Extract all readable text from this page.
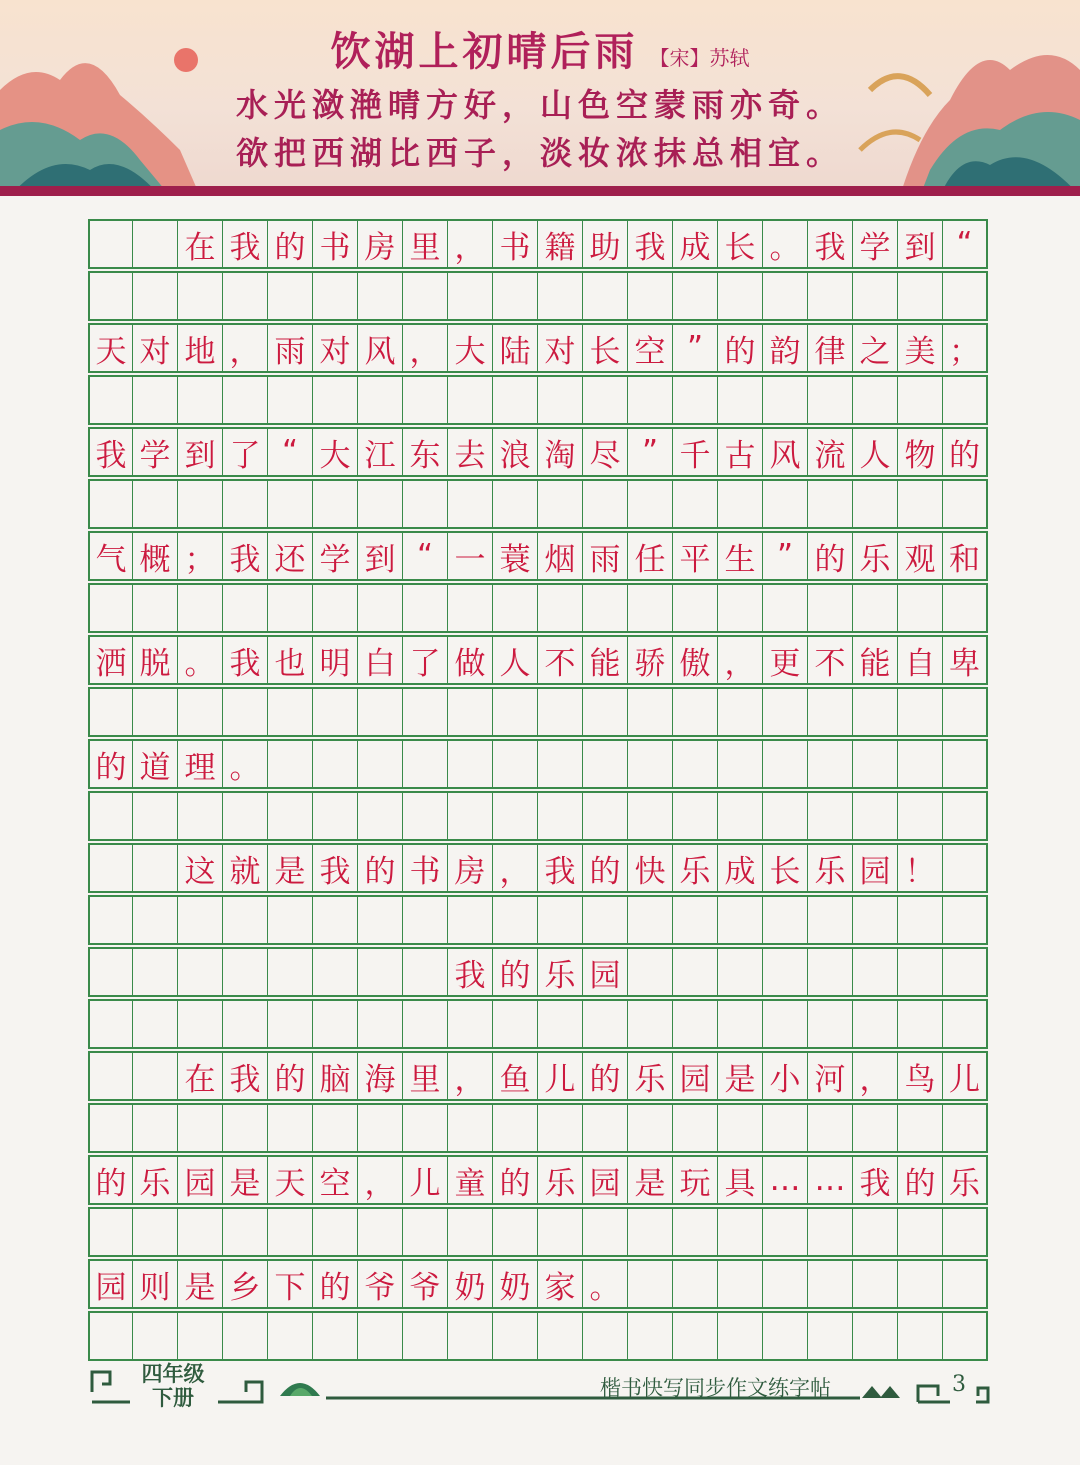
饮湖上初晴后雨 【宋】苏轼
水光潋滟晴方好，山色空蒙雨亦奇。
欲把西湖比西子，淡妆浓抹总相宜。
在 我 的 书 房 里 ， 书 籍 助 我 成 长 。 我 学 到 “
天 对 地 ， 雨 对 风 ， 大 陆 对 长 空 ” 的 韵 律 之 美 ；
我 学 到 了 “ 大 江 东 去 浪 淘 尽 ” 千 古 风 流 人 物 的
气 概 ； 我 还 学 到 “ 一 蓑 烟 雨 任 平 生 ” 的 乐 观 和
洒 脱 。 我 也 明 白 了 做 人 不 能 骄 傲 ， 更 不 能 自 卑
的 道 理 。
这 就 是 我 的 书 房 ， 我 的 快 乐 成 长 乐 园 ！
我 的 乐 园
在 我 的 脑 海 里 ， 鱼 儿 的 乐 园 是 小 河 ， 鸟 儿
的 乐 园 是 天 空 ， 儿 童 的 乐 园 是 玩 具 … … 我 的 乐
园 则 是 乡 下 的 爷 爷 奶 奶 家 。
四年级
下册	楷书快写同步作文练字帖	3
